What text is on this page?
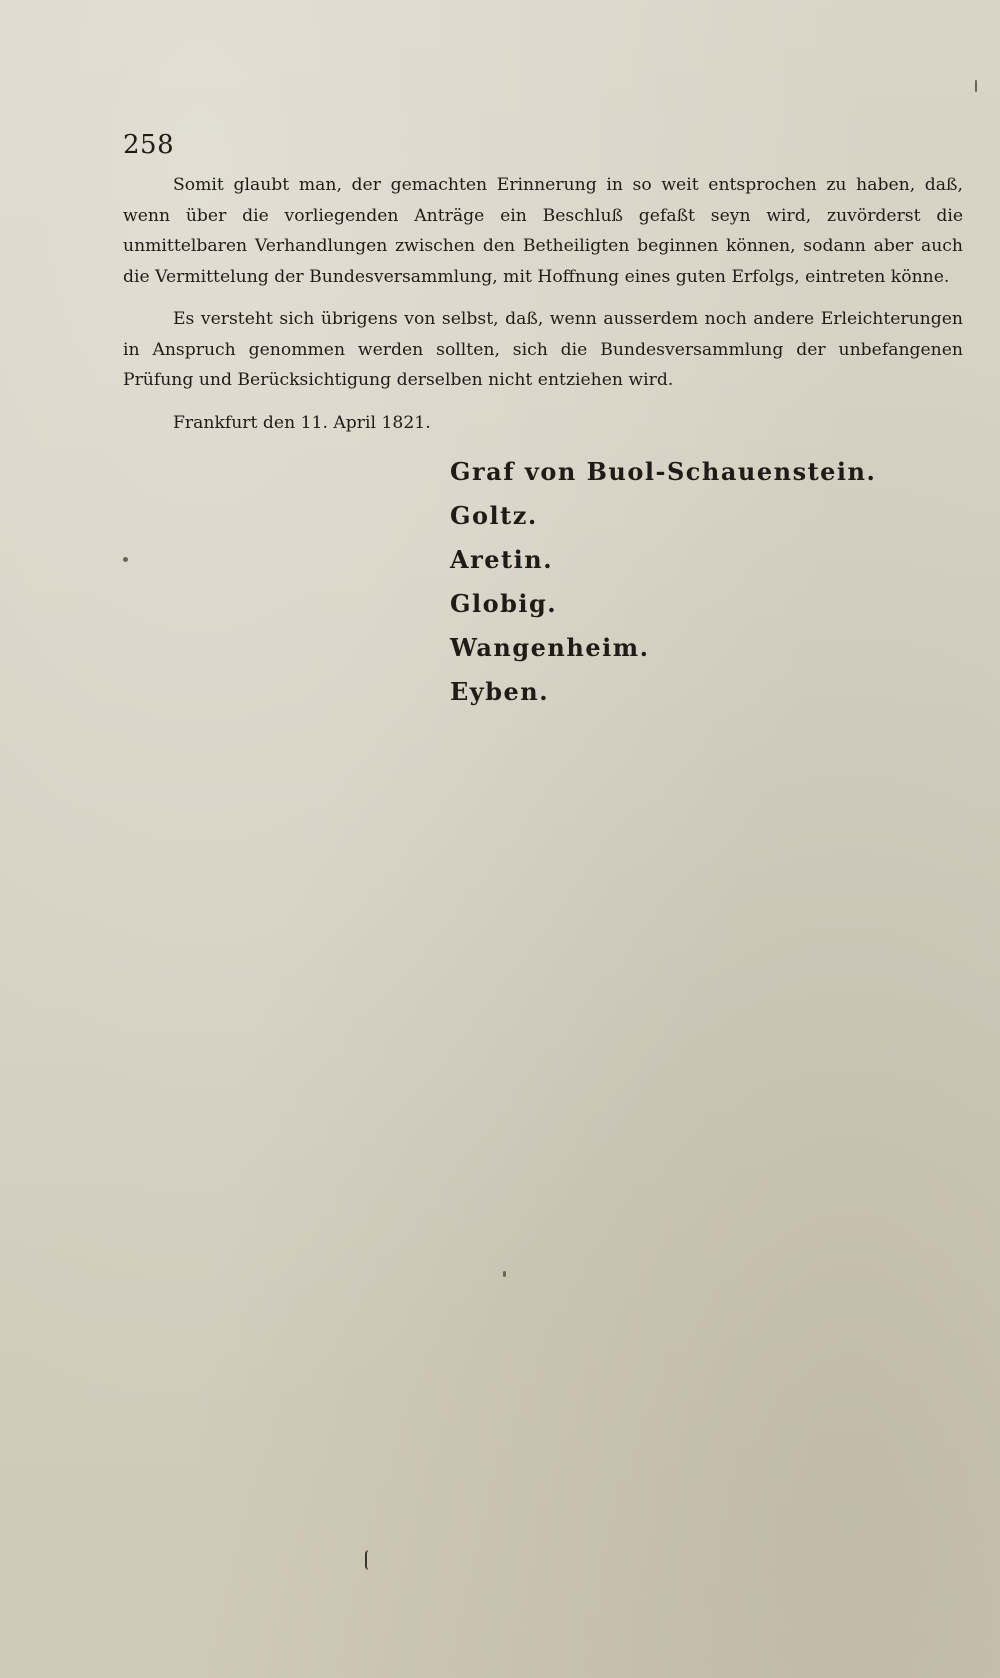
258

Somit glaubt man, der gemachten Erinnerung in so weit entsprochen zu haben, daß, wenn über die vorliegenden Anträge ein Beschluß gefaßt seyn wird, zuvörderst die unmittelbaren Verhandlungen zwischen den Betheiligten beginnen können, sodann aber auch die Vermittelung der Bundesversammlung, mit Hoffnung eines guten Erfolgs, eintreten könne.

Es versteht sich übrigens von selbst, daß, wenn ausserdem noch andere Erleichterungen in Anspruch genommen werden sollten, sich die Bundesversammlung der unbefangenen Prüfung und Berücksichtigung derselben nicht entziehen wird.

Frankfurt den 11. April 1821.
Graf von Buol-Schauenstein.
Goltz.
Aretin.
Globig.
Wangenheim.
Eyben.
